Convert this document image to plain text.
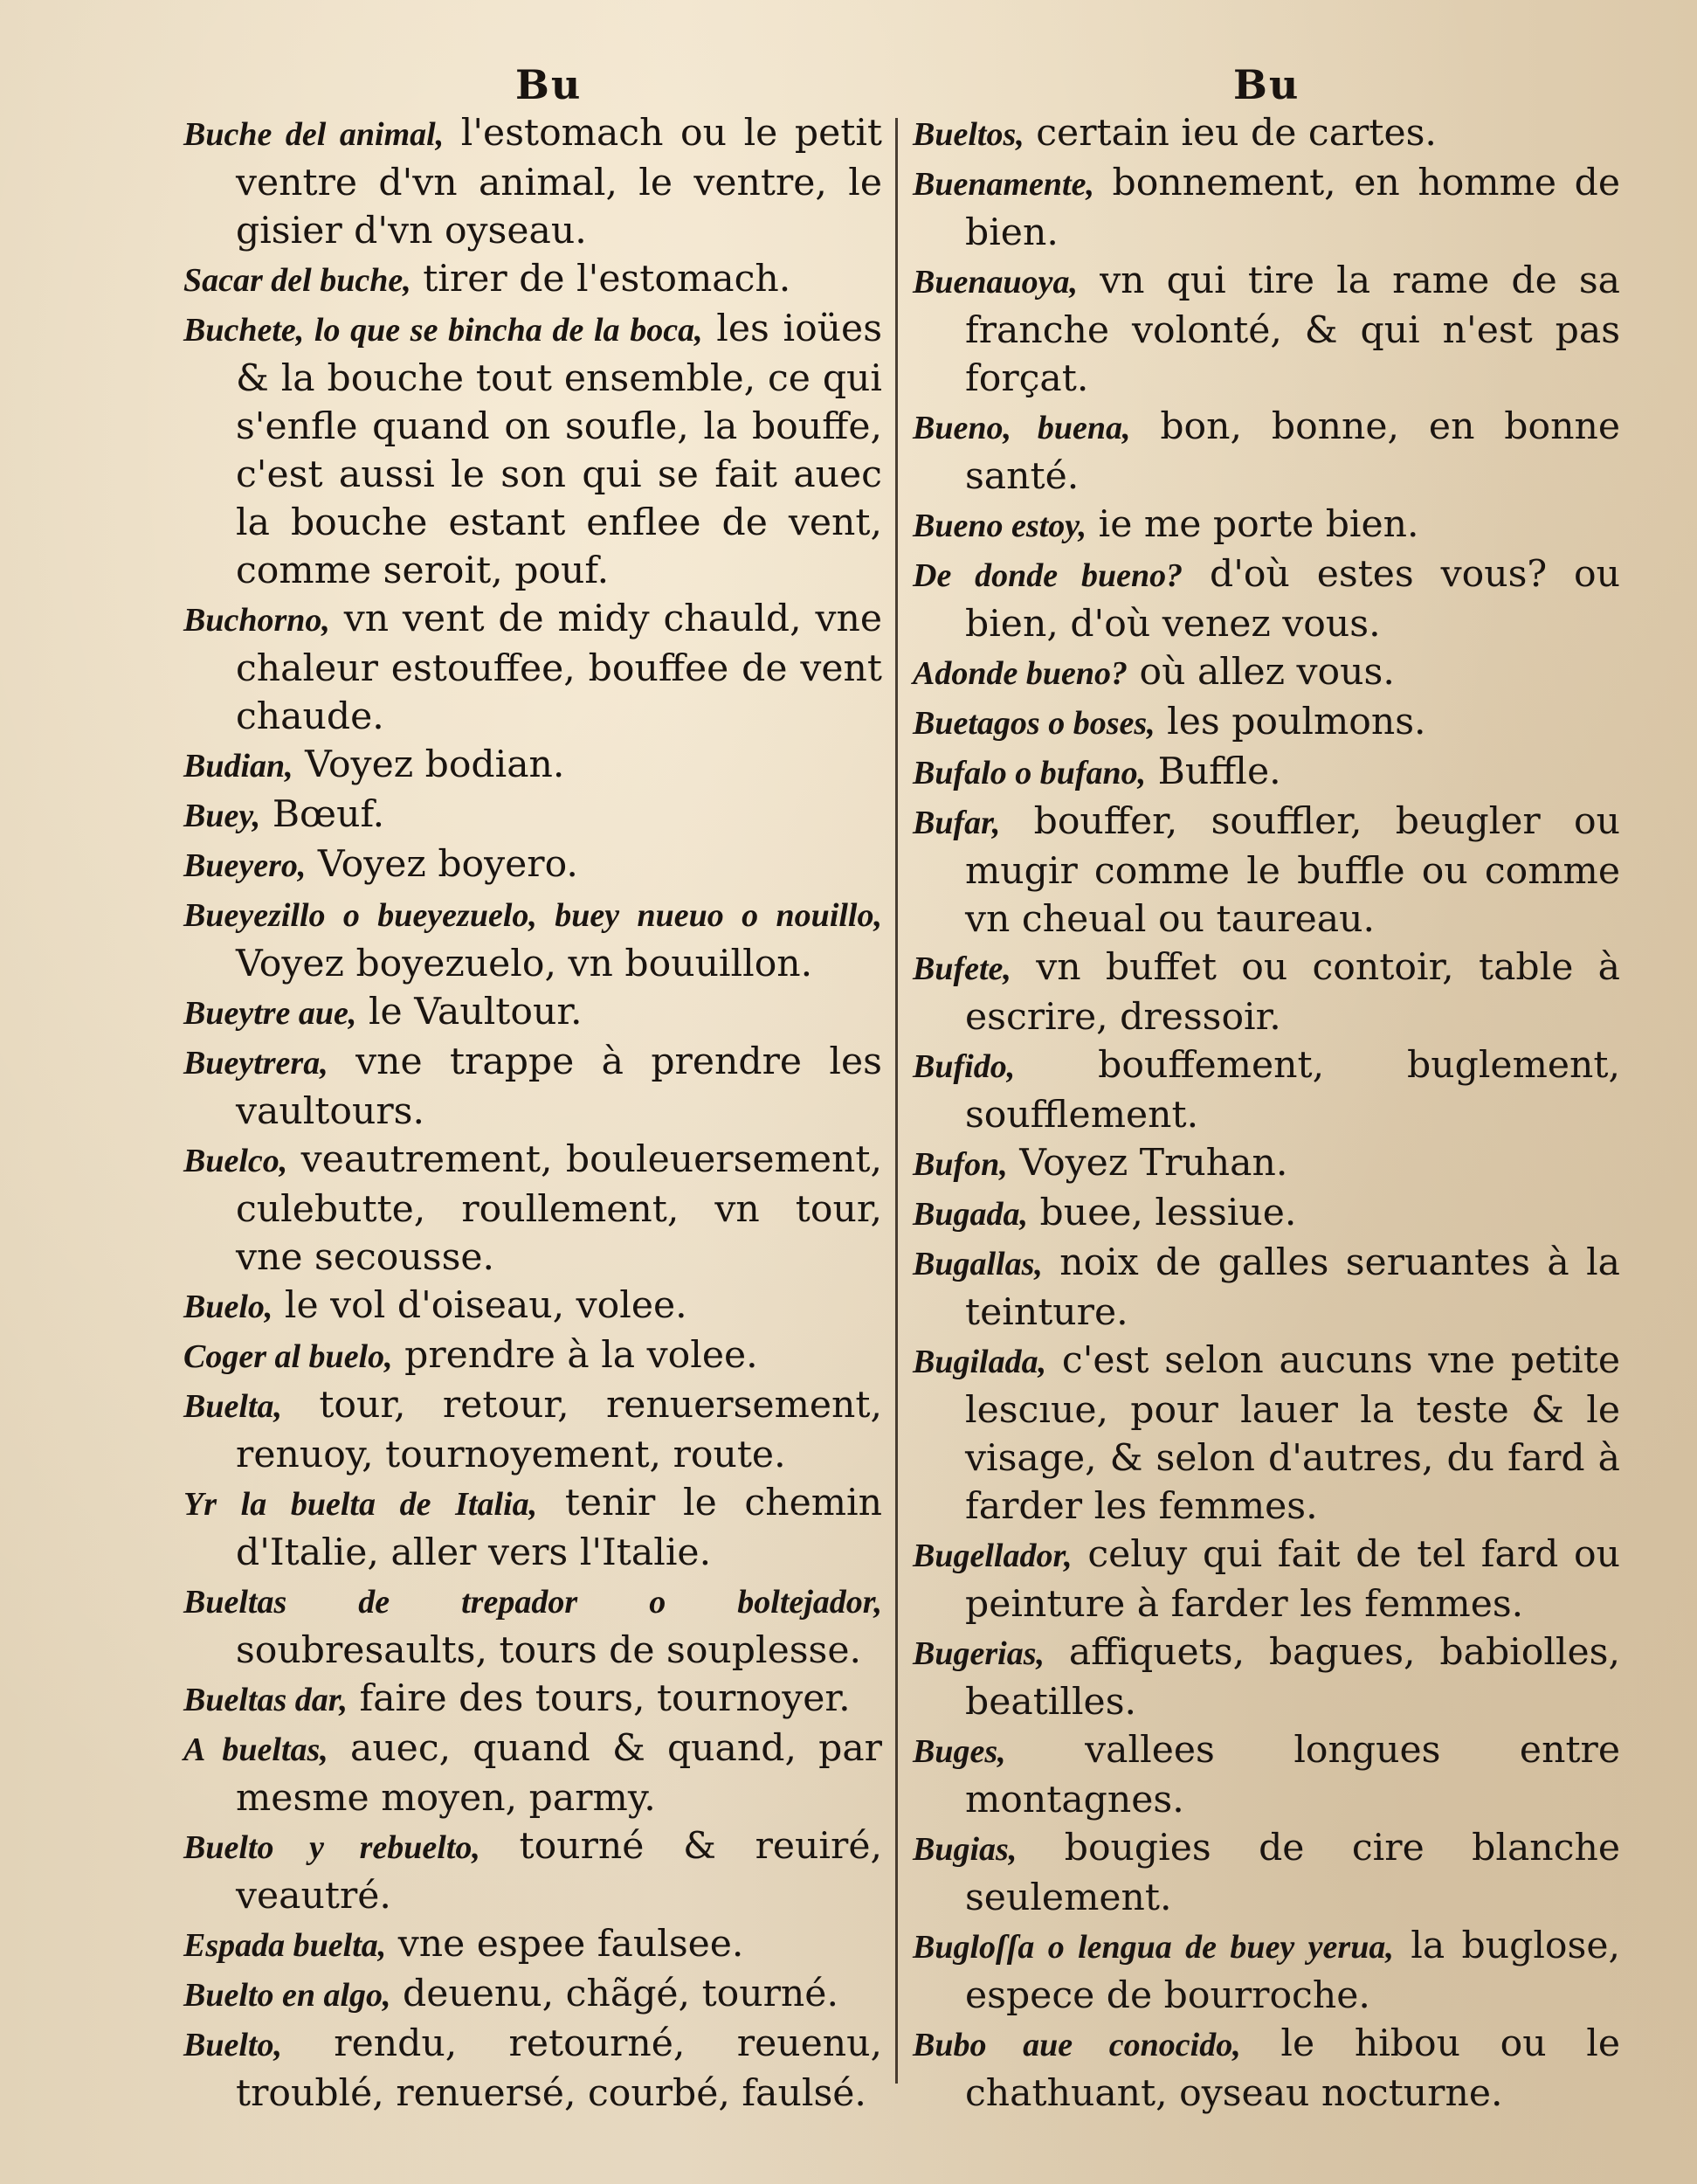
Bu	Bu
Buche del animal, l'estomach ou le petit ventre d'vn animal, le ventre, le gisier d'vn oyseau.
Sacar del buche, tirer de l'estomach.
Buchete, lo que se bincha de la boca, les ioües & la bouche tout ensemble, ce qui s'enfle quand on soufle, la bouffe, c'est aussi le son qui se fait auec la bouche estant enflee de vent, comme seroit, pouf.
Buchorno, vn vent de midy chauld, vne chaleur estouffee, bouffee de vent chaude.
Budian, Voyez bodian.
Buey, Bœuf.
Bueyero, Voyez boyero.
Bueyezillo o bueyezuelo, buey nueuo o nouillo, Voyez boyezuelo, vn bouuillon.
Bueytre aue, le Vaultour.
Bueytrera, vne trappe à prendre les vaultours.
Buelco, veautrement, bouleuersement, culebutte, roullement, vn tour, vne secousse.
Buelo, le vol d'oiseau, volee.
Coger al buelo, prendre à la volee.
Buelta, tour, retour, renuersement, renuoy, tournoyement, route.
Yr la buelta de Italia, tenir le chemin d'Italie, aller vers l'Italie.
Bueltas de trepador o boltejador, soubresaults, tours de souplesse.
Bueltas dar, faire des tours, tournoyer.
A bueltas, auec, quand & quand, par mesme moyen, parmy.
Buelto y rebuelto, tourné & reuiré, veautré.
Espada buelta, vne espee faulsee.
Buelto en algo, deuenu, chãgé, tourné.
Buelto, rendu, retourné, reuenu, troublé, renuersé, courbé, faulsé.
Bueltos, certain ieu de cartes.
Buenamente, bonnement, en homme de bien.
Buenauoya, vn qui tire la rame de sa franche volonté, & qui n'est pas forçat.
Bueno, buena, bon, bonne, en bonne santé.
Bueno estoy, ie me porte bien.
De donde bueno? d'où estes vous? ou bien, d'où venez vous.
Adonde bueno? où allez vous.
Buetagos o boses, les poulmons.
Bufalo o bufano, Buffle.
Bufar, bouffer, souffler, beugler ou mugir comme le buffle ou comme vn cheual ou taureau.
Bufete, vn buffet ou contoir, table à escrire, dressoir.
Bufido, bouffement, buglement, soufflement.
Bufon, Voyez Truhan.
Bugada, buee, lessiue.
Bugallas, noix de galles seruantes à la teinture.
Bugilada, c'est selon aucuns vne petite lescıue, pour lauer la teste & le visage, & selon d'autres, du fard à farder les femmes.
Bugellador, celuy qui fait de tel fard ou peinture à farder les femmes.
Bugerias, affiquets, bagues, babiolles, beatilles.
Buges, vallees longues entre montagnes.
Bugias, bougies de cire blanche seulement.
Bugloſſa o lengua de buey yerua, la buglose, espece de bourroche.
Bubo aue conocido, le hibou ou le chathuant, oyseau nocturne.
